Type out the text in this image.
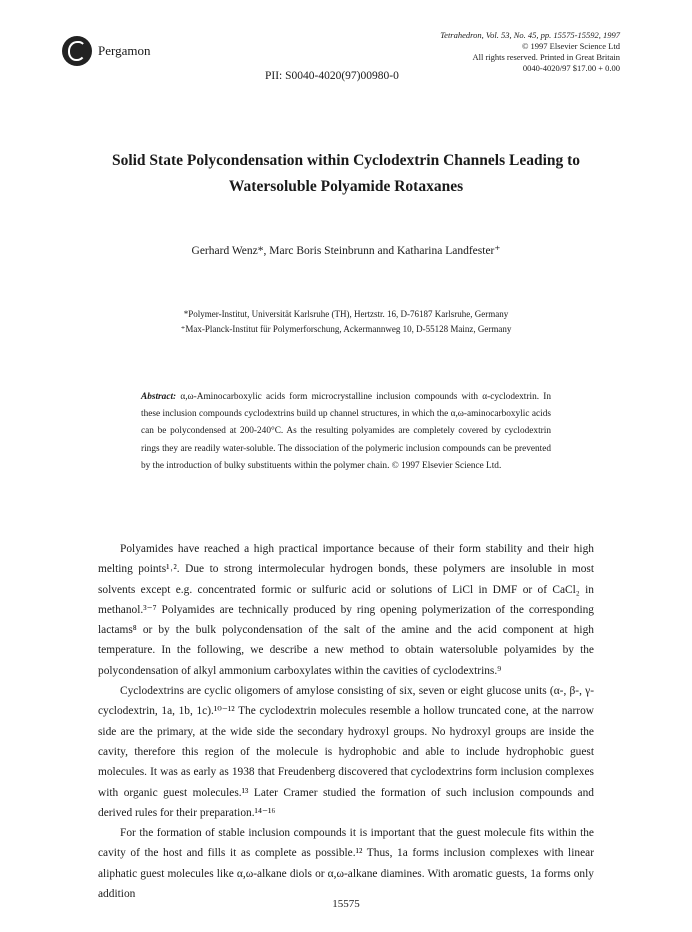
Pergamon
Tetrahedron, Vol. 53, No. 45, pp. 15575-15592, 1997
© 1997 Elsevier Science Ltd
All rights reserved. Printed in Great Britain
0040-4020/97 $17.00 + 0.00
PII: S0040-4020(97)00980-0
Solid State Polycondensation within Cyclodextrin Channels Leading to
Watersoluble Polyamide Rotaxanes
Gerhard Wenz*, Marc Boris Steinbrunn and Katharina Landfester⁺
*Polymer-Institut, Universität Karlsruhe (TH), Hertzstr. 16, D-76187 Karlsruhe, Germany
⁺Max-Planck-Institut für Polymerforschung, Ackermannweg 10, D-55128 Mainz, Germany
Abstract: α,ω-Aminocarboxylic acids form microcrystalline inclusion compounds with α-cyclodextrin. In these inclusion compounds cyclodextrins build up channel structures, in which the α,ω-aminocarboxylic acids can be polycondensed at 200-240°C. As the resulting polyamides are completely covered by cyclodextrin rings they are readily water-soluble. The dissociation of the polymeric inclusion compounds can be prevented by the introduction of bulky substituents within the polymer chain. © 1997 Elsevier Science Ltd.

Polyamides have reached a high practical importance because of their form stability and their high melting points¹˒². Due to strong intermolecular hydrogen bonds, these polymers are insoluble in most solvents except e.g. concentrated formic or sulfuric acid or solutions of LiCl in DMF or of CaCl₂ in methanol.³⁻⁷ Polyamides are technically produced by ring opening polymerization of the corresponding lactams⁸ or by the bulk polycondensation of the salt of the amine and the acid component at high temperature. In the following, we describe a new method to obtain watersoluble polyamides by the polycondensation of alkyl ammonium carboxylates within the cavities of cyclodextrins.⁹

Cyclodextrins are cyclic oligomers of amylose consisting of six, seven or eight glucose units (α-, β-, γ-cyclodextrin, 1a, 1b, 1c).¹⁰⁻¹² The cyclodextrin molecules resemble a hollow truncated cone, at the narrow side are the primary, at the wide side the secondary hydroxyl groups. No hydroxyl groups are inside the cavity, therefore this region of the molecule is hydrophobic and able to include hydrophobic guest molecules. It was as early as 1938 that Freudenberg discovered that cyclodextrins form inclusion complexes with organic guest molecules.¹³ Later Cramer studied the formation of such inclusion compounds and derived rules for their preparation.¹⁴⁻¹⁶

For the formation of stable inclusion compounds it is important that the guest molecule fits within the cavity of the host and fills it as complete as possible.¹² Thus, 1a forms inclusion complexes with linear aliphatic guest molecules like α,ω-alkane diols or α,ω-alkane diamines. With aromatic guests, 1a forms only addition

15575
